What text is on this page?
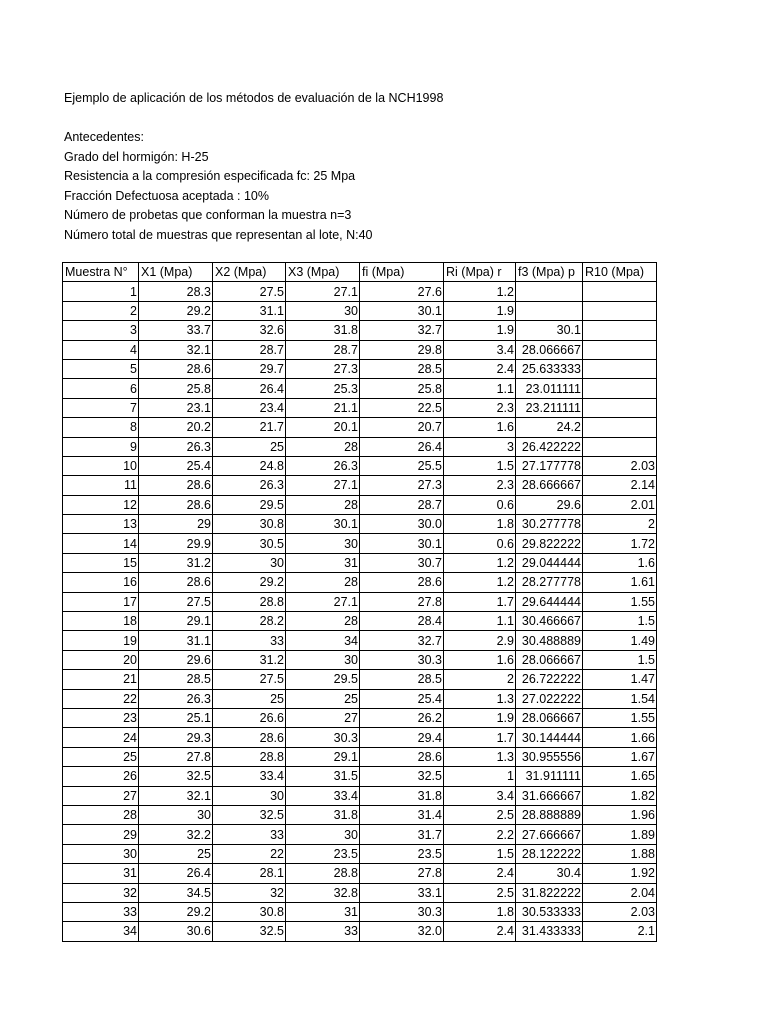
Ejemplo de aplicación de los métodos de evaluación de la NCH1998

Antecedentes:

Grado del hormigón: H-25

Resistencia a la compresión especificada fc: 25 Mpa

Fracción Defectuosa aceptada : 10%

Número de probetas que conforman la muestra n=3

Número total de muestras que representan al lote, N:40

Muestra N°	X1 (Mpa)	X2 (Mpa)	X3 (Mpa)	fi (Mpa)	Ri (Mpa) r	f3 (Mpa) p	R10 (Mpa)
1	28.3	27.5	27.1	27.6	1.2		
2	29.2	31.1	30	30.1	1.9		
3	33.7	32.6	31.8	32.7	1.9	30.1	
4	32.1	28.7	28.7	29.8	3.4	28.066667	
5	28.6	29.7	27.3	28.5	2.4	25.633333	
6	25.8	26.4	25.3	25.8	1.1	23.011111	
7	23.1	23.4	21.1	22.5	2.3	23.211111	
8	20.2	21.7	20.1	20.7	1.6	24.2	
9	26.3	25	28	26.4	3	26.422222	
10	25.4	24.8	26.3	25.5	1.5	27.177778	2.03
11	28.6	26.3	27.1	27.3	2.3	28.666667	2.14
12	28.6	29.5	28	28.7	0.6	29.6	2.01
13	29	30.8	30.1	30.0	1.8	30.277778	2
14	29.9	30.5	30	30.1	0.6	29.822222	1.72
15	31.2	30	31	30.7	1.2	29.044444	1.6
16	28.6	29.2	28	28.6	1.2	28.277778	1.61
17	27.5	28.8	27.1	27.8	1.7	29.644444	1.55
18	29.1	28.2	28	28.4	1.1	30.466667	1.5
19	31.1	33	34	32.7	2.9	30.488889	1.49
20	29.6	31.2	30	30.3	1.6	28.066667	1.5
21	28.5	27.5	29.5	28.5	2	26.722222	1.47
22	26.3	25	25	25.4	1.3	27.022222	1.54
23	25.1	26.6	27	26.2	1.9	28.066667	1.55
24	29.3	28.6	30.3	29.4	1.7	30.144444	1.66
25	27.8	28.8	29.1	28.6	1.3	30.955556	1.67
26	32.5	33.4	31.5	32.5	1	31.911111	1.65
27	32.1	30	33.4	31.8	3.4	31.666667	1.82
28	30	32.5	31.8	31.4	2.5	28.888889	1.96
29	32.2	33	30	31.7	2.2	27.666667	1.89
30	25	22	23.5	23.5	1.5	28.122222	1.88
31	26.4	28.1	28.8	27.8	2.4	30.4	1.92
32	34.5	32	32.8	33.1	2.5	31.822222	2.04
33	29.2	30.8	31	30.3	1.8	30.533333	2.03
34	30.6	32.5	33	32.0	2.4	31.433333	2.1
